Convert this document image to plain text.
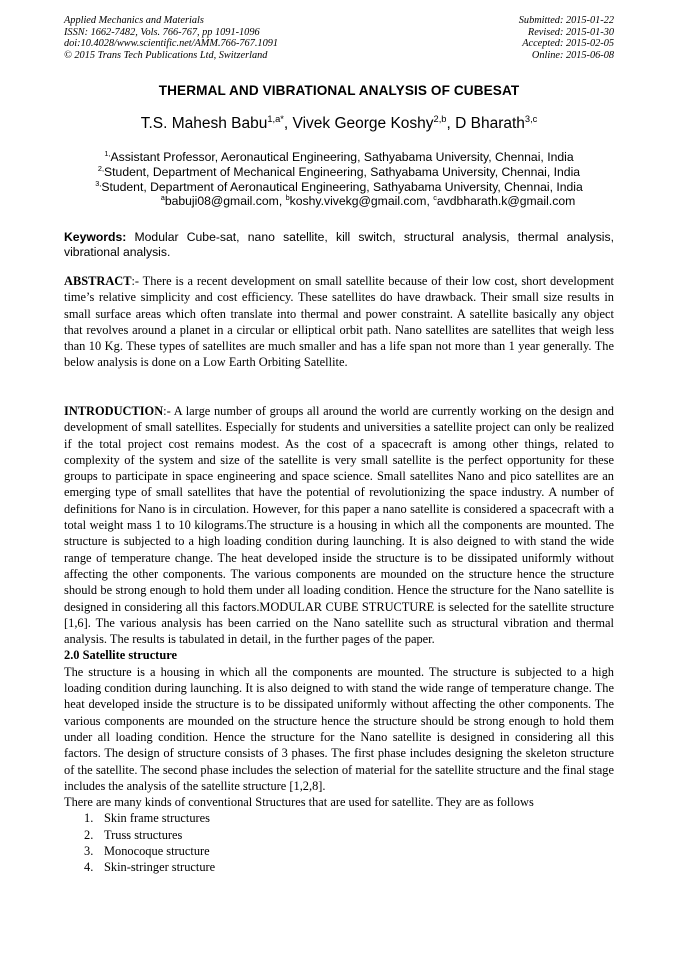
Applied Mechanics and Materials
ISSN: 1662-7482, Vols. 766-767, pp 1091-1096
doi:10.4028/www.scientific.net/AMM.766-767.1091
© 2015 Trans Tech Publications Ltd, Switzerland
Submitted: 2015-01-22
Revised: 2015-01-30
Accepted: 2015-02-05
Online: 2015-06-08
THERMAL AND VIBRATIONAL ANALYSIS OF CUBESAT
T.S. Mahesh Babu$^{1,a*}$, Vivek George Koshy$^{2,b}$, D Bharath$^{3,c}$
$^{1,}$Assistant Professor, Aeronautical Engineering, Sathyabama University, Chennai, India
$^{2,}$Student, Department of Mechanical Engineering, Sathyabama University, Chennai, India
$^{3,}$Student, Department of Aeronautical Engineering, Sathyabama University, Chennai, India
$^a$babuji08@gmail.com, $^b$koshy.vivekg@gmail.com, $^c$avdbharath.k@gmail.com
Keywords: Modular Cube-sat, nano satellite, kill switch, structural analysis, thermal analysis, vibrational analysis.
ABSTRACT:- There is a recent development on small satellite because of their low cost, short development time’s relative simplicity and cost efficiency. These satellites do have drawback. Their small size results in small surface areas which often translate into thermal and power constraint. A satellite basically any object that revolves around a planet in a circular or elliptical orbit path. Nano satellites are satellites that weigh less than 10 Kg. These types of satellites are much smaller and has a life span not more than 1 year generally. The below analysis is done on a Low Earth Orbiting Satellite.
INTRODUCTION:- A large number of groups all around the world are currently working on the design and development of small satellites. Especially for students and universities a satellite project can only be realized if the total project cost remains modest. As the cost of a spacecraft is among other things, related to complexity of the system and size of the satellite is very small satellite is the perfect opportunity for these groups to participate in space engineering and space science. Small satellites Nano and pico satellites are an emerging type of small satellites that have the potential of revolutionizing the space industry. A number of definitions for Nano is in circulation. However, for this paper a nano satellite is considered a spacecraft with a total weight mass 1 to 10 kilograms.The structure is a housing in which all the components are mounted. The structure is subjected to a high loading condition during launching. It is also deigned to with stand the wide range of temperature change. The heat developed inside the structure is to be dissipated uniformly without affecting the other components. The various components are mounded on the structure hence the structure should be strong enough to hold them under all loading condition. Hence the structure for the Nano satellite is designed in considering all this factors.MODULAR CUBE STRUCTURE is selected for the satellite structure [1,6]. The various analysis has been carried on the Nano satellite such as structural vibration and thermal analysis. The results is tabulated in detail, in the further pages of the paper.
2.0 Satellite structure
The structure is a housing in which all the components are mounted. The structure is subjected to a high loading condition during launching. It is also deigned to with stand the wide range of temperature change. The heat developed inside the structure is to be dissipated uniformly without affecting the other components. The various components are mounded on the structure hence the structure should be strong enough to hold them under all loading condition. Hence the structure for the Nano satellite is designed in considering all this factors. The design of structure consists of 3 phases. The first phase includes designing the skeleton structure of the satellite. The second phase includes the selection of material for the satellite structure and the final stage includes the analysis of the satellite structure [1,2,8].
There are many kinds of conventional Structures that are used for satellite. They are as follows
1. Skin frame structures
2. Truss structures
3. Monocoque structure
4. Skin-stringer structure
